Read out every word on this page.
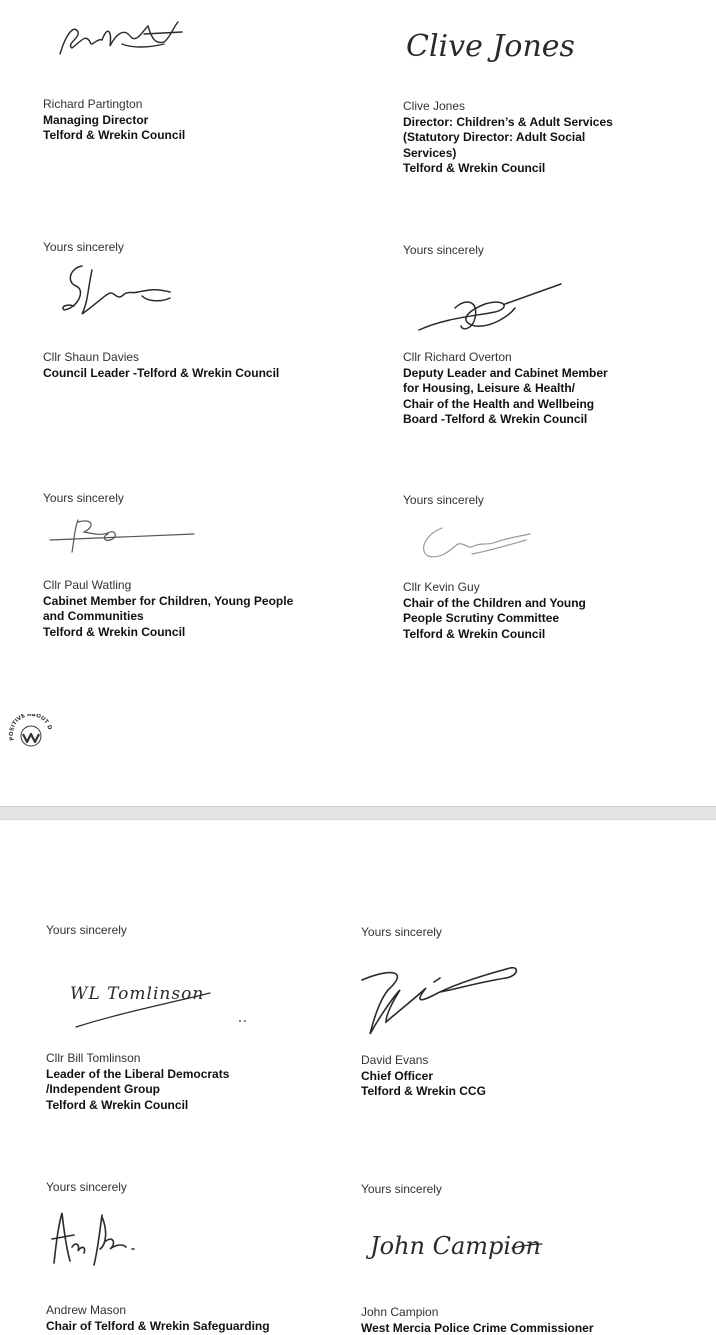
Richard Partington
Managing Director
Telford & Wrekin Council
Clive Jones
Clive Jones
Director: Children’s & Adult Services
(Statutory Director: Adult Social
Services)
Telford & Wrekin Council
Yours sincerely
Cllr Shaun Davies
Council Leader -Telford & Wrekin Council
Yours sincerely
Cllr Richard Overton
Deputy Leader and Cabinet Member
for Housing, Leisure & Health/
Chair of the Health and Wellbeing
Board -Telford & Wrekin Council
Yours sincerely
Cllr Paul Watling
Cabinet Member for Children, Young People
and Communities
Telford & Wrekin Council
Yours sincerely
Cllr Kevin Guy
Chair of the Children and Young
People Scrutiny Committee
Telford & Wrekin Council
POSITIVE ABOUT D
Yours sincerely
WL Tomlinson
Cllr Bill Tomlinson
Leader of the Liberal Democrats
/Independent Group
Telford & Wrekin Council
Yours sincerely
David Evans
Chief Officer
Telford & Wrekin CCG
Yours sincerely
Andrew Mason
Chair of Telford & Wrekin Safeguarding
Yours sincerely
John Campion
John Campion
West Mercia Police Crime Commissioner
